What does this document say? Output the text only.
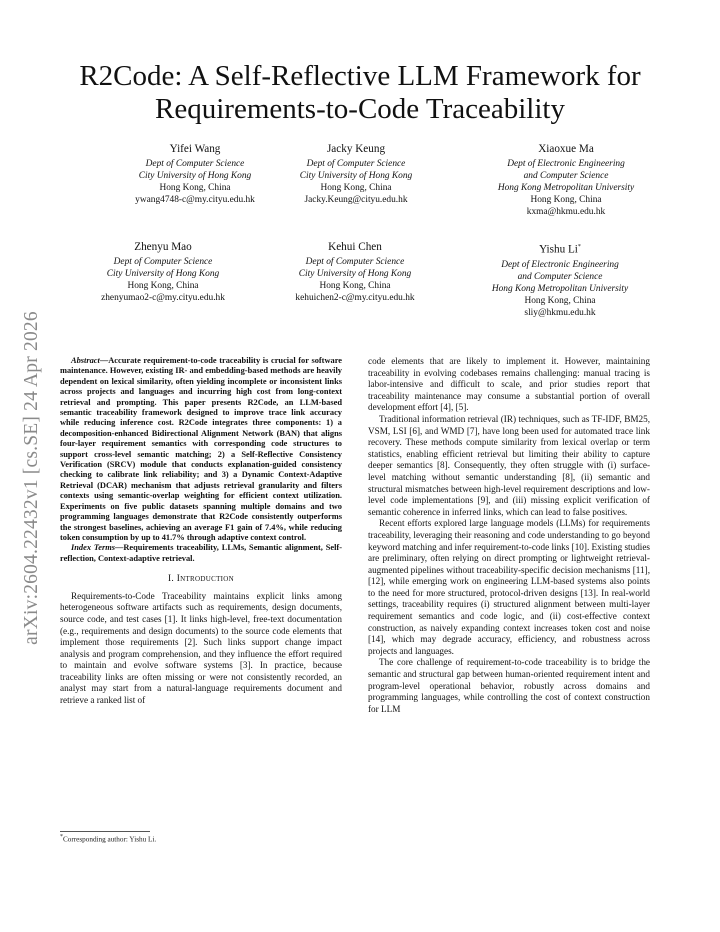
arXiv:2604.22432v1 [cs.SE] 24 Apr 2026
R2Code: A Self-Reflective LLM Framework for
Requirements-to-Code Traceability
Yifei Wang
Dept of Computer Science
City University of Hong Kong
Hong Kong, China
ywang4748-c@my.cityu.edu.hk
Jacky Keung
Dept of Computer Science
City University of Hong Kong
Hong Kong, China
Jacky.Keung@cityu.edu.hk
Xiaoxue Ma
Dept of Electronic Engineering
and Computer Science
Hong Kong Metropolitan University
Hong Kong, China
kxma@hkmu.edu.hk
Zhenyu Mao
Dept of Computer Science
City University of Hong Kong
Hong Kong, China
zhenyumao2-c@my.cityu.edu.hk
Kehui Chen
Dept of Computer Science
City University of Hong Kong
Hong Kong, China
kehuichen2-c@my.cityu.edu.hk
Yishu Li*
Dept of Electronic Engineering
and Computer Science
Hong Kong Metropolitan University
Hong Kong, China
sliy@hkmu.edu.hk

Abstract—Accurate requirement-to-code traceability is crucial for software maintenance. However, existing IR- and embedding-based methods are heavily dependent on lexical similarity, often yielding incomplete or inconsistent links across projects and languages and incurring high cost from long-context retrieval and prompting. This paper presents R2Code, an LLM-based semantic traceability framework designed to improve trace link accuracy while reducing inference cost. R2Code integrates three components: 1) a decomposition-enhanced Bidirectional Alignment Network (BAN) that aligns four-layer requirement semantics with corresponding code structures to support cross-level semantic matching; 2) a Self-Reflective Consistency Verification (SRCV) module that conducts explanation-guided consistency checking to calibrate link reliability; and 3) a Dynamic Context-Adaptive Retrieval (DCAR) mechanism that adjusts retrieval granularity and filters contexts using semantic-overlap weighting for efficient context utilization. Experiments on five public datasets spanning multiple domains and two programming languages demonstrate that R2Code consistently outperforms the strongest baselines, achieving an average F1 gain of 7.4%, while reducing token consumption by up to 41.7% through adaptive context control.

Index Terms—Requirements traceability, LLMs, Semantic alignment, Self-reflection, Context-adaptive retrieval.

I. Introduction

Requirements-to-Code Traceability maintains explicit links among heterogeneous software artifacts such as requirements, design documents, source code, and test cases [1]. It links high-level, free-text documentation (e.g., requirements and design documents) to the source code elements that implement those requirements [2]. Such links support change impact analysis and program comprehension, and they influence the effort required to maintain and evolve software systems [3]. In practice, because traceability links are often missing or were not consistently recorded, an analyst may start from a natural-language requirements document and retrieve a ranked list of

code elements that are likely to implement it. However, maintaining traceability in evolving codebases remains challenging: manual tracing is labor-intensive and difficult to scale, and prior studies report that traceability maintenance may consume a substantial portion of overall development effort [4], [5].

Traditional information retrieval (IR) techniques, such as TF-IDF, BM25, VSM, LSI [6], and WMD [7], have long been used for automated trace link recovery. These methods compute similarity from lexical overlap or term statistics, enabling efficient retrieval but limiting their ability to capture deeper semantics [8]. Consequently, they often struggle with (i) surface-level matching without semantic understanding [8], (ii) semantic and structural mismatches between high-level requirement descriptions and low-level code implementations [9], and (iii) missing explicit verification of semantic coherence in inferred links, which can lead to false positives.

Recent efforts explored large language models (LLMs) for requirements traceability, leveraging their reasoning and code understanding to go beyond keyword matching and infer requirement-to-code links [10]. Existing studies are preliminary, often relying on direct prompting or lightweight retrieval-augmented pipelines without traceability-specific decision mechanisms [11], [12], while emerging work on engineering LLM-based systems also points to the need for more structured, protocol-driven designs [13]. In real-world settings, traceability requires (i) structured alignment between multi-layer requirement semantics and code logic, and (ii) cost-effective context construction, as naively expanding context increases token cost and noise [14], which may degrade accuracy, efficiency, and robustness across projects and languages.

The core challenge of requirement-to-code traceability is to bridge the semantic and structural gap between human-oriented requirement intent and program-level operational behavior, robustly across domains and programming languages, while controlling the cost of context construction for LLM

*Corresponding author: Yishu Li.
